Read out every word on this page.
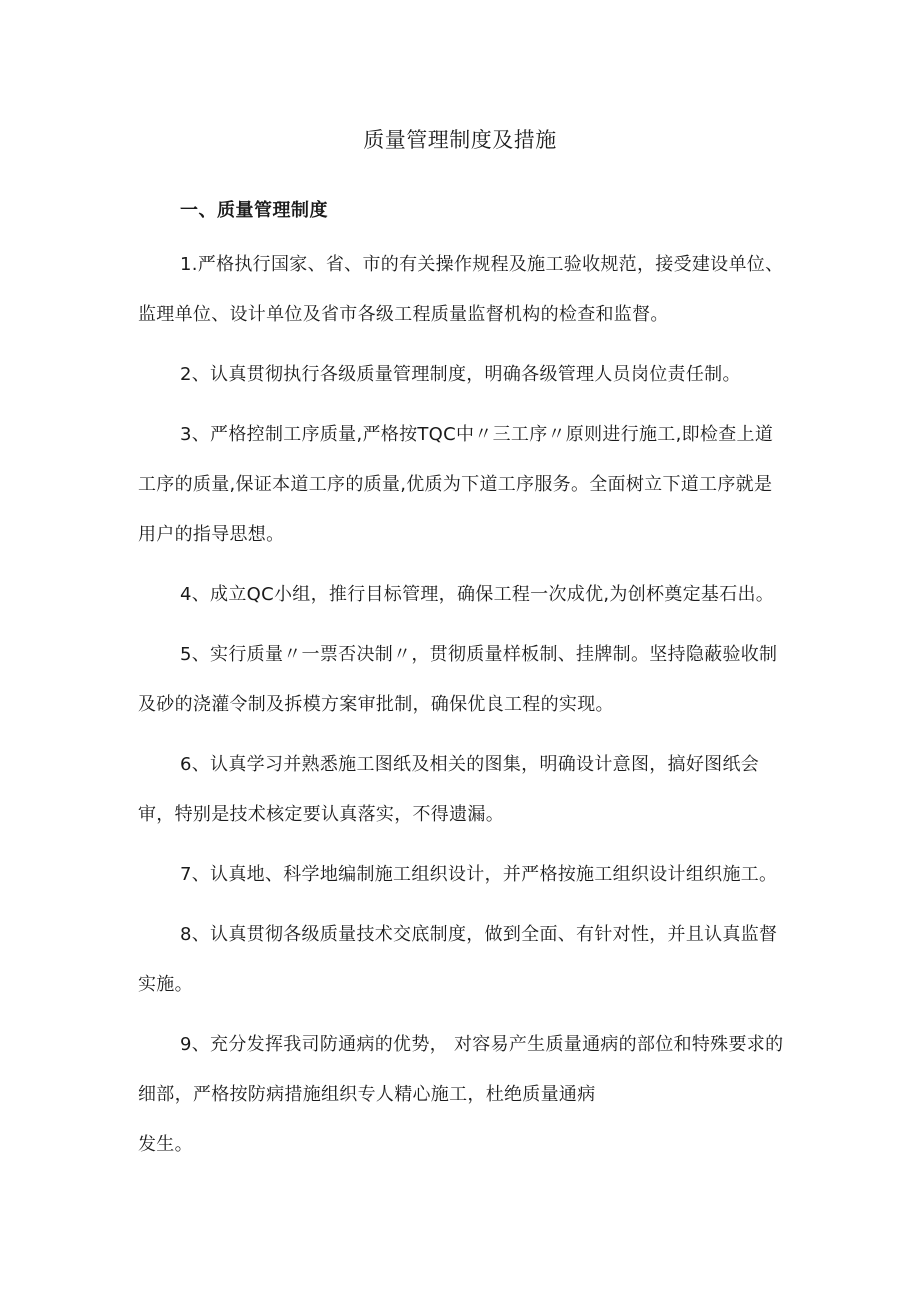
质量管理制度及措施
一、质量管理制度

1.严格执行国家、省、市的有关操作规程及施工验收规范，接受建设单位、监理单位、设计单位及省市各级工程质量监督机构的检查和监督。

2、认真贯彻执行各级质量管理制度，明确各级管理人员岗位责任制。

3、严格控制工序质量,严格按TQC中〃三工序〃原则进行施工,即检查上道工序的质量,保证本道工序的质量,优质为下道工序服务。全面树立下道工序就是用户的指导思想。

4、成立QC小组，推行目标管理，确保工程一次成优,为创杯奠定基石出。

5、实行质量〃一票否决制〃，贯彻质量样板制、挂牌制。坚持隐蔽验收制及砂的浇灌令制及拆模方案审批制，确保优良工程的实现。

6、认真学习并熟悉施工图纸及相关的图集，明确设计意图，搞好图纸会审，特别是技术核定要认真落实，不得遗漏。

7、认真地、科学地编制施工组织设计，并严格按施工组织设计组织施工。

8、认真贯彻各级质量技术交底制度，做到全面、有针对性，并且认真监督实施。

9、充分发挥我司防通病的优势， 对容易产生质量通病的部位和特殊要求的细部，严格按防病措施组织专人精心施工，杜绝质量通病

发生。
